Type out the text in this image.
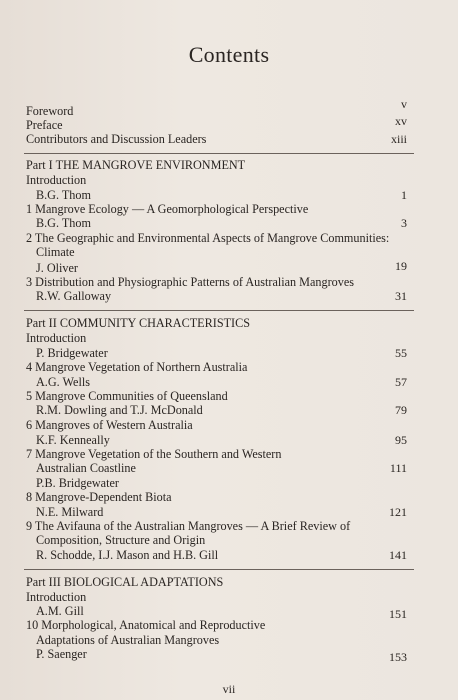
Contents
Foreword	v
Preface	xv
Contributors and Discussion Leaders	xiii
Part I THE MANGROVE ENVIRONMENT
Introduction
B.G. Thom	1
1 Mangrove Ecology — A Geomorphological Perspective
B.G. Thom	3
2 The Geographic and Environmental Aspects of Mangrove Communities:
Climate
J. Oliver	19
3 Distribution and Physiographic Patterns of Australian Mangroves
R.W. Galloway	31
Part II COMMUNITY CHARACTERISTICS
Introduction
P. Bridgewater	55
4 Mangrove Vegetation of Northern Australia
A.G. Wells	57
5 Mangrove Communities of Queensland
R.M. Dowling and T.J. McDonald	79
6 Mangroves of Western Australia
K.F. Kenneally	95
7 Mangrove Vegetation of the Southern and Western
Australian Coastline	111
P.B. Bridgewater
8 Mangrove-Dependent Biota
N.E. Milward	121
9 The Avifauna of the Australian Mangroves — A Brief Review of
Composition, Structure and Origin
R. Schodde, I.J. Mason and H.B. Gill	141
Part III BIOLOGICAL ADAPTATIONS
Introduction
A.M. Gill	151
10 Morphological, Anatomical and Reproductive
Adaptations of Australian Mangroves
P. Saenger	153
vii
